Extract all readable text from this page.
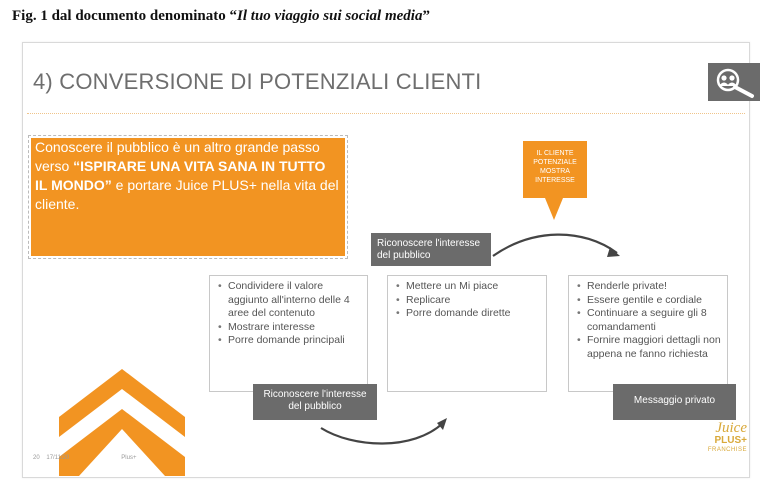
Fig. 1 dal documento denominato “Il tuo viaggio sui social media”
4) CONVERSIONE DI POTENZIALI CLIENTI
Conoscere il pubblico è un altro grande passo verso “ISPIRARE UNA VITA SANA IN TUTTO IL MONDO” e portare Juice PLUS+ nella vita del cliente.
IL CLIENTE
POTENZIALE
MOSTRA
INTERESSE
Riconoscere l'interesse del pubblico
• Condividere il valore aggiunto all'interno delle 4 aree del contenuto
• Mostrare interesse
• Porre domande principali
• Mettere un Mi piace
• Replicare
• Porre domande dirette
• Renderle private!
• Essere gentile e cordiale
• Continuare a seguire gli 8 comandamenti
• Fornire maggiori dettagli non appena ne fanno richiesta
Riconoscere l'interesse del pubblico
Messaggio privato
20 17/11/20	Plus+
Juice
PLUS+
FRANCHISE
